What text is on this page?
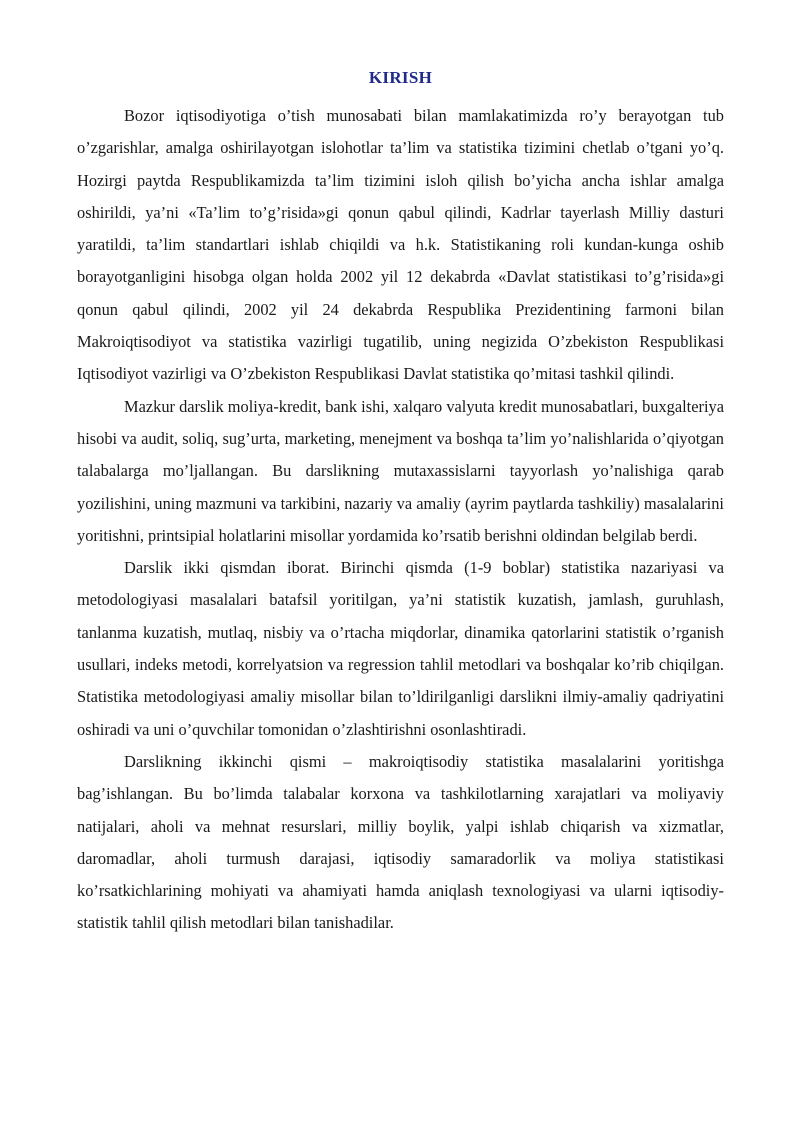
KIRISH

Bozor iqtisodiyotiga o’tish munosabati bilan mamlakatimizda ro’y berayotgan tub o’zgarishlar, amalga oshirilayotgan islohotlar ta’lim va statistika tizimini chetlab o’tgani yo’q. Hozirgi paytda Respublikamizda ta’lim tizimini isloh qilish bo’yicha ancha ishlar amalga oshirildi, ya’ni «Ta’lim to’g’risida»gi qonun qabul qilindi, Kadrlar tayerlash Milliy dasturi yaratildi, ta’lim standartlari ishlab chiqildi va h.k. Statistikaning roli kundan-kunga oshib borayotganligini hisobga olgan holda 2002 yil 12 dekabrda «Davlat statistikasi to’g’risida»gi qonun qabul qilindi, 2002 yil 24 dekabrda Respublika Prezidentining farmoni bilan Makroiqtisodiyot va statistika vazirligi tugatilib, uning negizida O’zbekiston Respublikasi Iqtisodiyot vazirligi va O’zbekiston Respublikasi Davlat statistika qo’mitasi tashkil qilindi.

Mazkur darslik moliya-kredit, bank ishi, xalqaro valyuta kredit munosabatlari, buxgalteriya hisobi va audit, soliq, sug’urta, marketing, menejment va boshqa ta’lim yo’nalishlarida o’qiyotgan talabalarga mo’ljallangan. Bu darslikning mutaxassislarni tayyorlash yo’nalishiga qarab yozilishini, uning mazmuni va tarkibini, nazariy va amaliy (ayrim paytlarda tashkiliy) masalalarini yoritishni, printsipial holatlarini misollar yordamida ko’rsatib berishni oldindan belgilab berdi.

Darslik ikki qismdan iborat. Birinchi qismda (1-9 boblar) statistika nazariyasi va metodologiyasi masalalari batafsil yoritilgan, ya’ni statistik kuzatish, jamlash, guruhlash, tanlanma kuzatish, mutlaq, nisbiy va o’rtacha miqdorlar, dinamika qatorlarini statistik o’rganish usullari, indeks metodi, korrelyatsion va regression tahlil metodlari va boshqalar ko’rib chiqilgan. Statistika metodologiyasi amaliy misollar bilan to’ldirilganligi darslikni ilmiy-amaliy qadriyatini oshiradi va uni o’quvchilar tomonidan o’zlashtirishni osonlashtiradi.

Darslikning ikkinchi qismi – makroiqtisodiy statistika masalalarini yoritishga bag’ishlangan. Bu bo’limda talabalar korxona va tashkilotlarning xarajatlari va moliyaviy natijalari, aholi va mehnat resurslari, milliy boylik, yalpi ishlab chiqarish va xizmatlar, daromadlar, aholi turmush darajasi, iqtisodiy samaradorlik va moliya statistikasi ko’rsatkichlarining mohiyati va ahamiyati hamda aniqlash texnologiyasi va ularni iqtisodiy-statistik tahlil qilish metodlari bilan tanishadilar.
